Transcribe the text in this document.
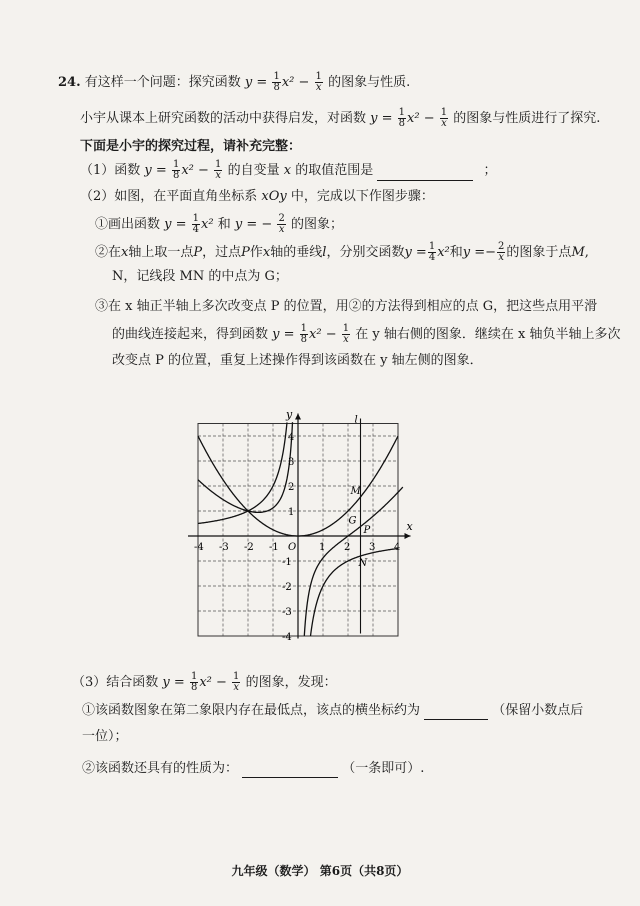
24. 有这样一个问题：探究函数 $y = \frac{1}{8} x^2 - \frac{1}{x}$ 的图象与性质.
小宇从课本上研究函数的活动中获得启发，对函数 $y = \frac{1}{8} x^2 - \frac{1}{x}$ 的图象与性质进行了探究.
下面是小宇的探究过程，请补充完整：
（1）函数 $y = \frac{1}{8} x^2 - \frac{1}{x}$ 的自变量 x 的取值范围是	；
（2）如图，在平面直角坐标系 xOy 中，完成以下作图步骤：
①画出函数 $y = \frac{1}{4} x^2$ 和 y = − $\frac{2}{x}$ 的图象；
②在x轴上取一点P，过点P作x轴的垂线l，分别交函数$y = \frac{1}{4} x^2$和$y =- \frac{2}{x}$ 的图象于点M,
N，记线段 MN 的中点为 G；
③在 x 轴正半轴上多次改变点 P 的位置，用②的方法得到相应的点 G，把这些点用平滑
的曲线连接起来，得到函数 $y = \frac{1}{8} x^2 - \frac{1}{x}$ 在 y 轴右侧的图象．继续在 x 轴负半轴上多次
改变点 P 的位置，重复上述操作得到该函数在 y 轴左侧的图象．
-4 -3 -2 -1 O 1 2 3 4
4
3
2
1
-1
-2
-3
-4
x
y	l
M
G
P
N
（3）结合函数 $y = \frac{1}{8} x^2 - \frac{1}{x}$ 的图象，发现：
①该函数图象在第二象限内存在最低点，该点的横坐标约为	（保留小数点后
一位）；
②该函数还具有的性质为：	（一条即可）.
九年级（数学） 第6页（共8页）
